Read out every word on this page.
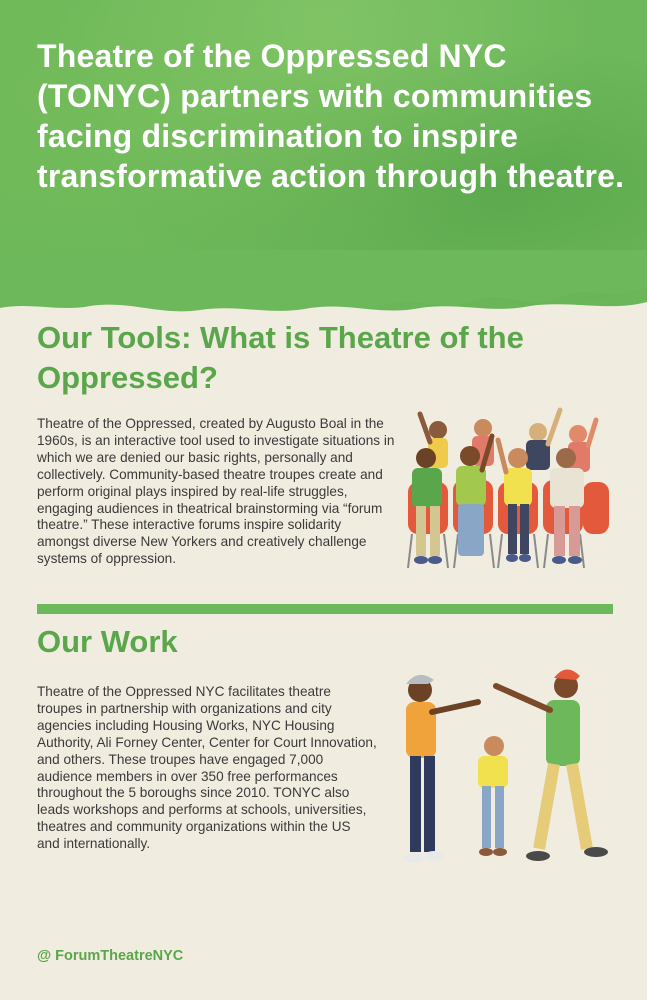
Theatre of the Oppressed NYC (TONYC) partners with communities facing discrimination to inspire transformative action through theatre.
Our Tools: What is Theatre of the Oppressed?
Theatre of the Oppressed, created by Augusto Boal in the 1960s, is an interactive tool used to investigate situations in which we are denied our basic rights, personally and collectively. Community-based theatre troupes create and perform original plays inspired by real-life struggles, engaging audiences in theatrical brainstorming via “forum theatre.” These interactive forums inspire solidarity amongst diverse New Yorkers and creatively challenge systems of oppression.
Our Work
Theatre of the Oppressed NYC facilitates theatre troupes in partnership with organizations and city agencies including Housing Works, NYC Housing Authority, Ali Forney Center, Center for Court Innovation, and others. These troupes have engaged 7,000 audience members in over 350 free performances throughout the 5 boroughs since 2010. TONYC also leads workshops and performs at schools, universities, theatres and community organizations within the US and internationally.
@ ForumTheatreNYC
